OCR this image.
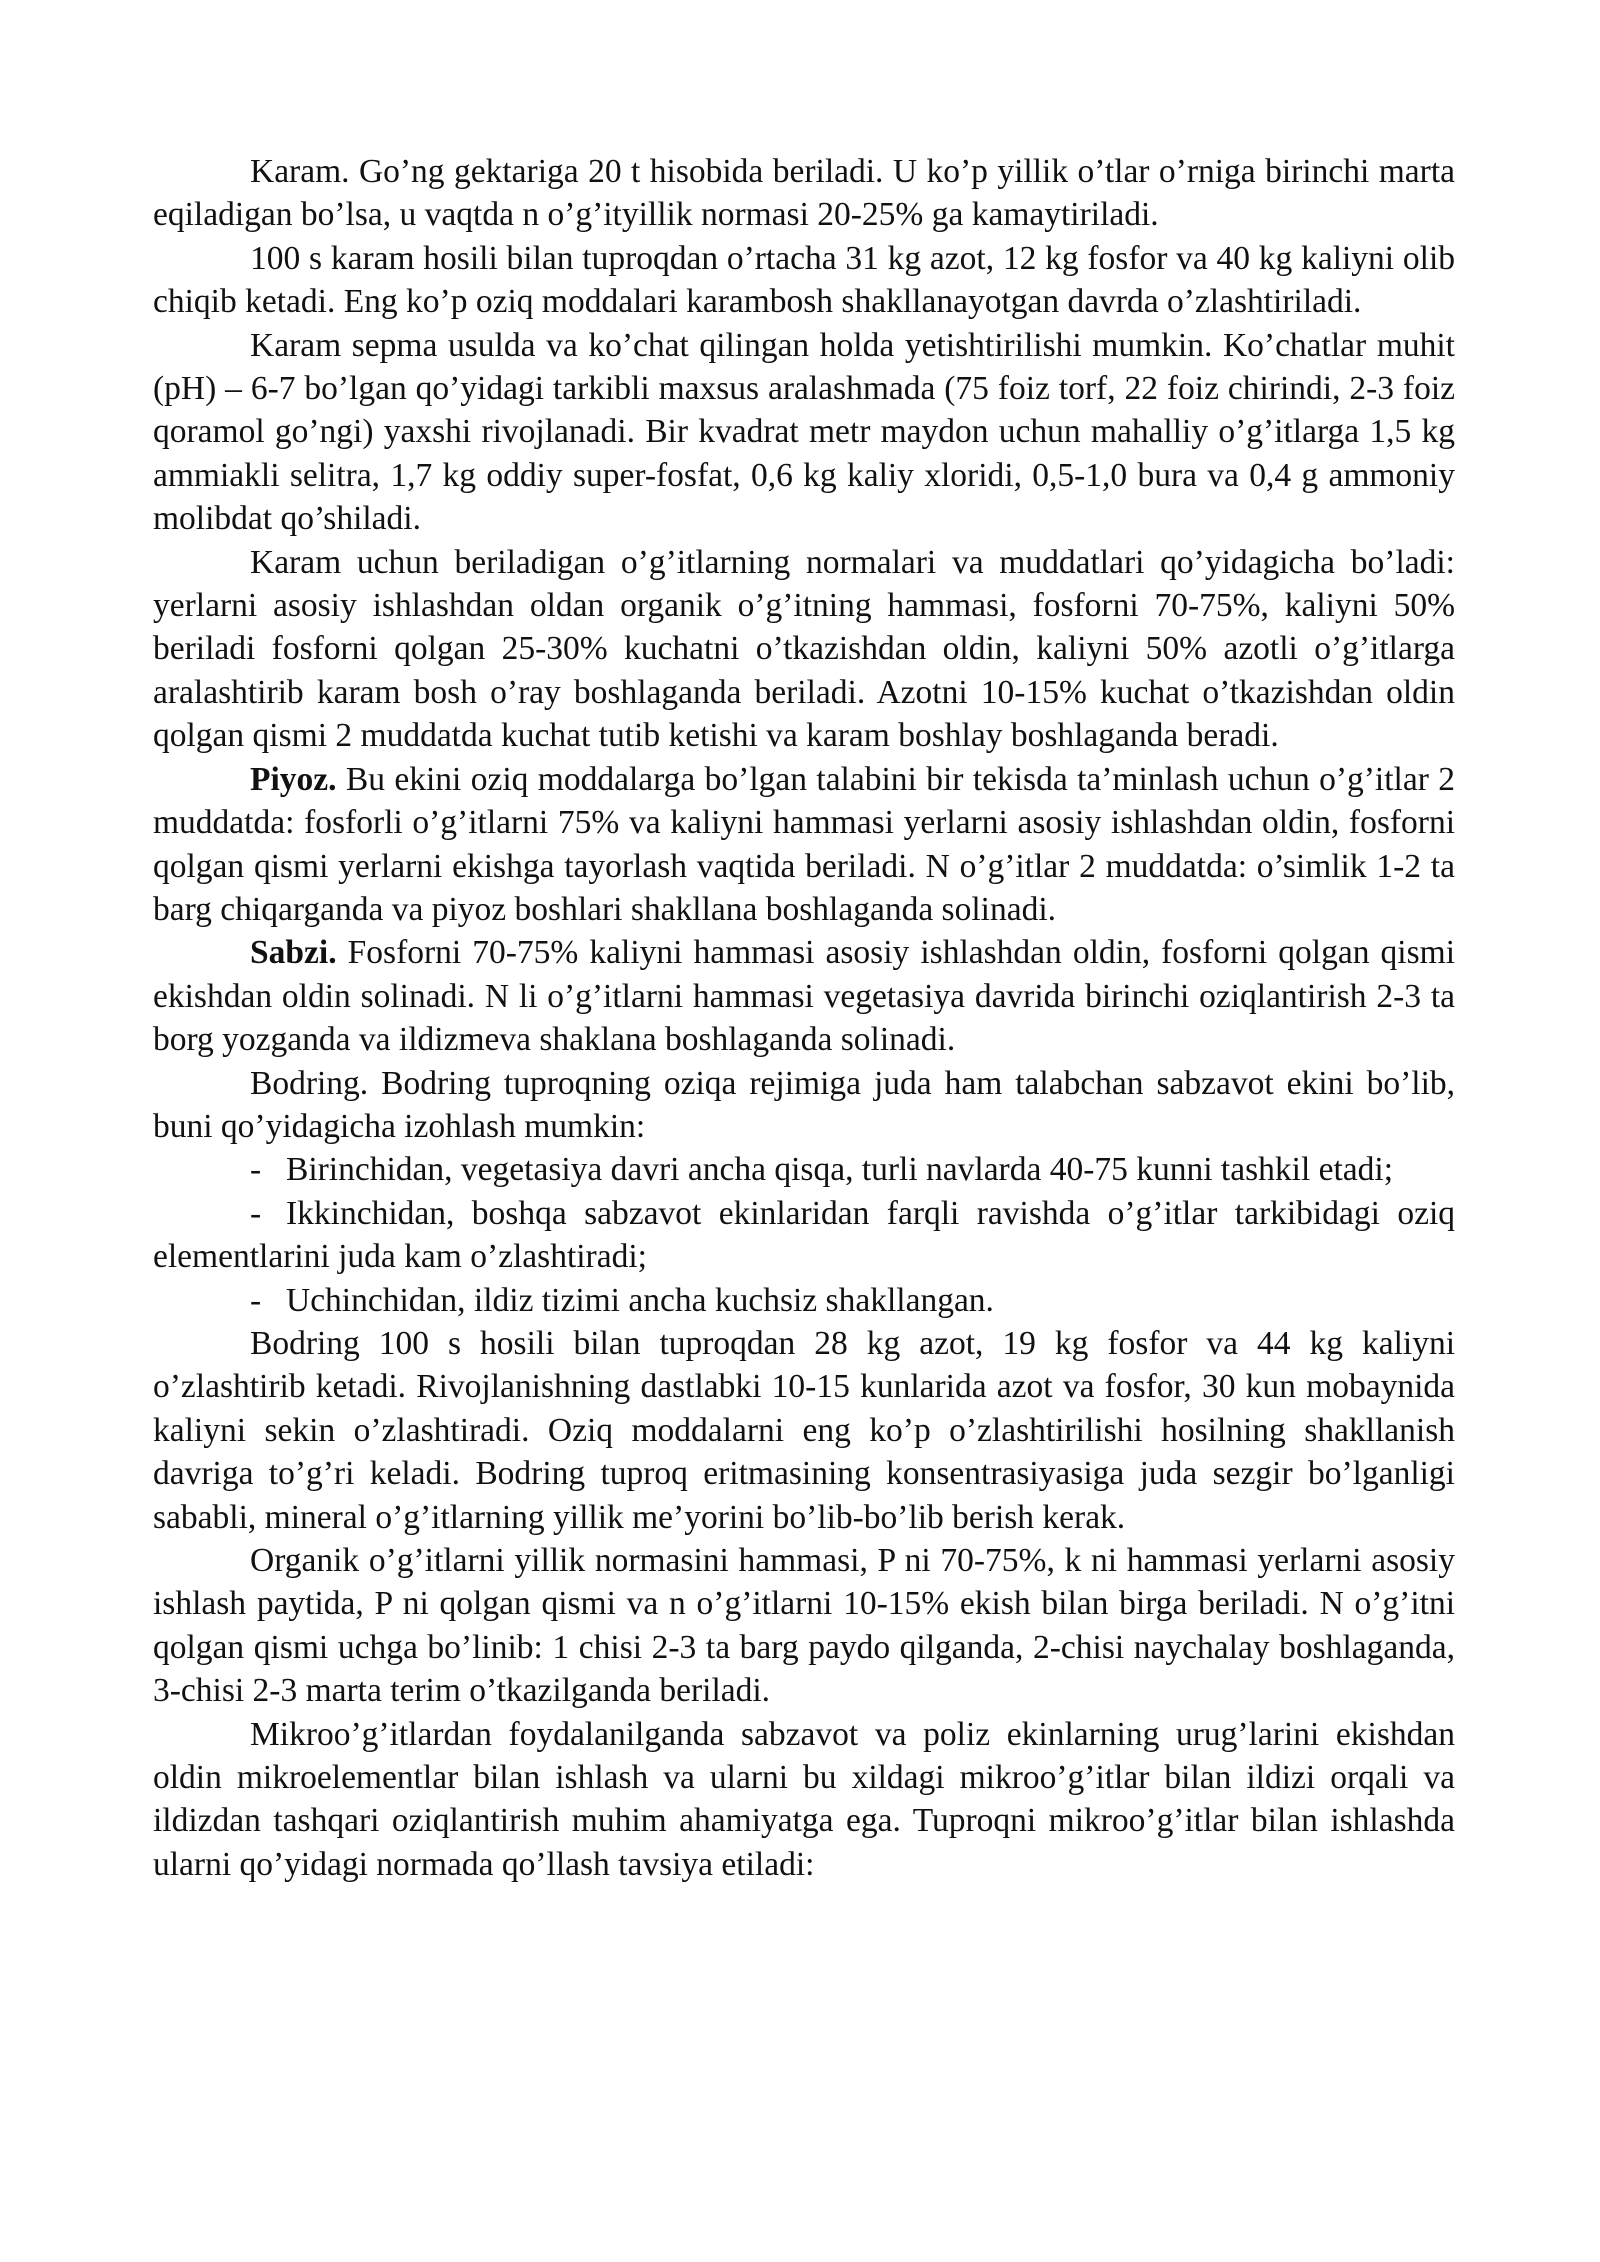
Karam. Go’ng gektariga 20 t hisobida beriladi. U ko’p yillik o’tlar o’rniga birinchi marta eqiladigan bo’lsa, u vaqtda n o’g’ityillik normasi 20-25% ga kamaytiriladi.

100 s karam hosili bilan tuproqdan o’rtacha 31 kg azot, 12 kg fosfor va 40 kg kaliyni olib chiqib ketadi. Eng ko’p oziq moddalari karambosh shakllanayotgan davrda o’zlashtiriladi.

Karam sepma usulda va ko’chat qilingan holda yetishtirilishi mumkin. Ko’chatlar muhit (pH) – 6-7 bo’lgan qo’yidagi tarkibli maxsus aralashmada (75 foiz torf, 22 foiz chirindi, 2-3 foiz qoramol go’ngi) yaxshi rivojlanadi. Bir kvadrat metr maydon uchun mahalliy o’g’itlarga 1,5 kg ammiakli selitra, 1,7 kg oddiy super-fosfat, 0,6 kg kaliy xloridi, 0,5-1,0 bura va 0,4 g ammoniy molibdat qo’shiladi.

Karam uchun beriladigan o’g’itlarning normalari va muddatlari qo’yidagicha bo’ladi: yerlarni asosiy ishlashdan oldan organik o’g’itning hammasi, fosforni 70-75%, kaliyni 50% beriladi fosforni qolgan 25-30% kuchatni o’tkazishdan oldin, kaliyni 50% azotli o’g’itlarga aralashtirib karam bosh o’ray boshlaganda beriladi. Azotni 10-15% kuchat o’tkazishdan oldin qolgan qismi 2 muddatda kuchat tutib ketishi va karam boshlay boshlaganda beradi.

Piyoz. Bu ekini oziq moddalarga bo’lgan talabini bir tekisda ta’minlash uchun o’g’itlar 2 muddatda: fosforli o’g’itlarni 75% va kaliyni hammasi yerlarni asosiy ishlashdan oldin, fosforni qolgan qismi yerlarni ekishga tayorlash vaqtida beriladi. N o’g’itlar 2 muddatda: o’simlik 1-2 ta barg chiqarganda va piyoz boshlari shakllana boshlaganda solinadi.

Sabzi. Fosforni 70-75% kaliyni hammasi asosiy ishlashdan oldin, fosforni qolgan qismi ekishdan oldin solinadi. N li o’g’itlarni hammasi vegetasiya davrida birinchi oziqlantirish 2-3 ta borg yozganda va ildizmeva shaklana boshlaganda solinadi.

Bodring. Bodring tuproqning oziqa rejimiga juda ham talabchan sabzavot ekini bo’lib, buni qo’yidagicha izohlash mumkin:

- Birinchidan, vegetasiya davri ancha qisqa, turli navlarda 40-75 kunni tashkil etadi;

- Ikkinchidan, boshqa sabzavot ekinlaridan farqli ravishda o’g’itlar tarkibidagi oziq elementlarini juda kam o’zlashtiradi;

- Uchinchidan, ildiz tizimi ancha kuchsiz shakllangan.

Bodring 100 s hosili bilan tuproqdan 28 kg azot, 19 kg fosfor va 44 kg kaliyni o’zlashtirib ketadi. Rivojlanishning dastlabki 10-15 kunlarida azot va fosfor, 30 kun mobaynida kaliyni sekin o’zlashtiradi. Oziq moddalarni eng ko’p o’zlashtirilishi hosilning shakllanish davriga to’g’ri keladi. Bodring tuproq eritmasining konsentrasiyasiga juda sezgir bo’lganligi sababli, mineral o’g’itlarning yillik me’yorini bo’lib-bo’lib berish kerak.

Organik o’g’itlarni yillik normasini hammasi, P ni 70-75%, k ni hammasi yerlarni asosiy ishlash paytida, P ni qolgan qismi va n o’g’itlarni 10-15% ekish bilan birga beriladi. N o’g’itni qolgan qismi uchga bo’linib: 1 chisi 2-3 ta barg paydo qilganda, 2-chisi naychalay boshlaganda, 3-chisi 2-3 marta terim o’tkazilganda beriladi.

Mikroo’g’itlardan foydalanilganda sabzavot va poliz ekinlarning urug’larini ekishdan oldin mikroelementlar bilan ishlash va ularni bu xildagi mikroo’g’itlar bilan ildizi orqali va ildizdan tashqari oziqlantirish muhim ahamiyatga ega. Tuproqni mikroo’g’itlar bilan ishlashda ularni qo’yidagi normada qo’llash tavsiya etiladi:
